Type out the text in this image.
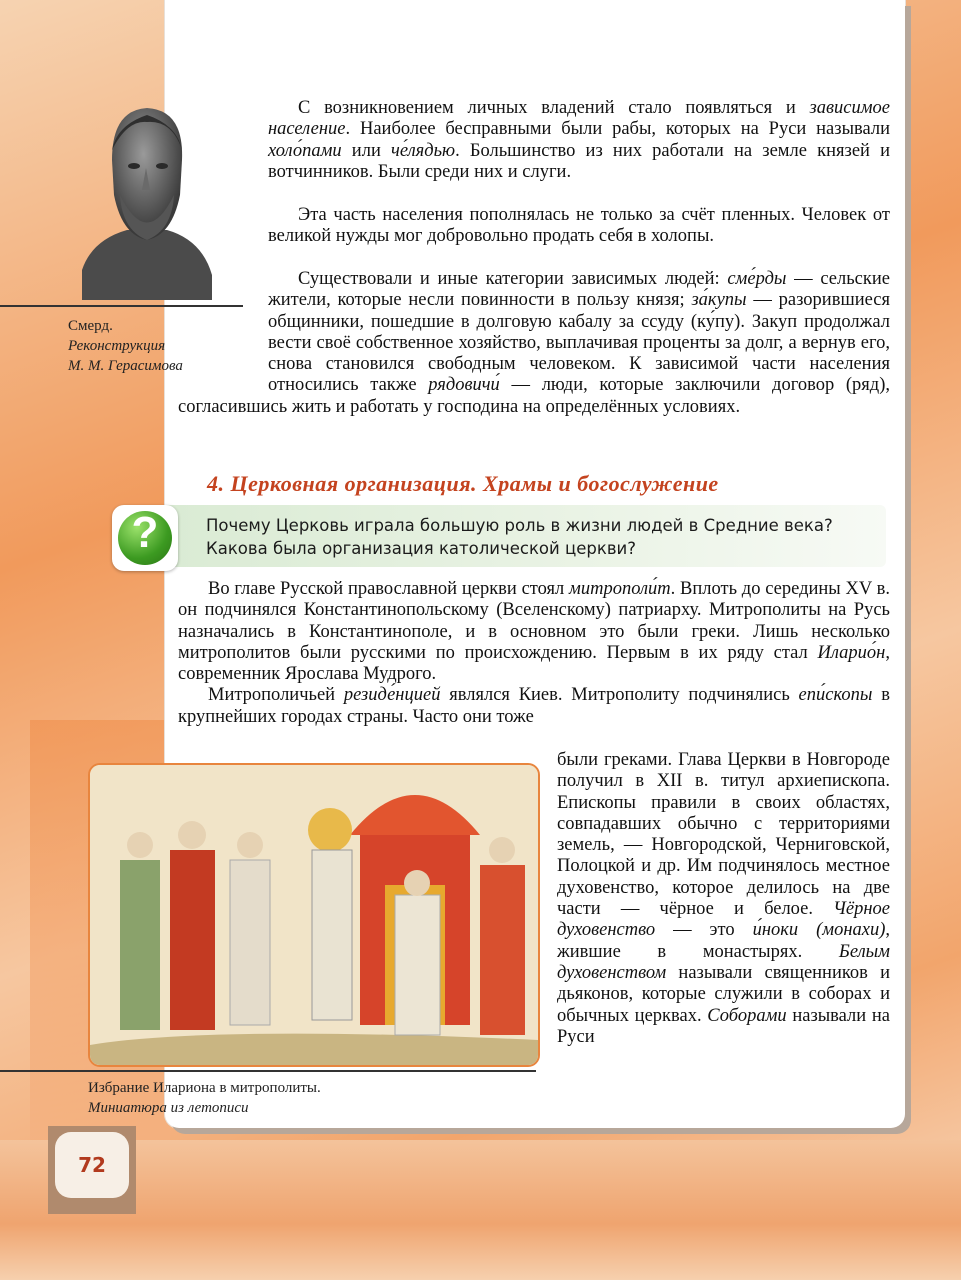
Смерд.
Реконструкция
М. М. Герасимова

С возникновением личных владений стало появляться и зависимое население. Наиболее бесправными были рабы, которых на Руси называли холо́пами или че́лядью. Большинство из них работали на земле князей и вотчинников. Были среди них и слуги.

Эта часть населения пополнялась не только за счёт пленных. Человек от великой нужды мог добровольно продать себя в холопы.

Существовали и иные категории зависимых людей: сме́рды — сельские жители, которые несли повинности в пользу князя; за́купы — разорившиеся общинники, пошедшие в долговую кабалу за ссуду (ку́пу). Закуп продолжал вести своё собственное хозяйство, выплачивая проценты за долг, а вернув его, снова становился свободным человеком. К зависимой части населения относились также рядовичи́ — люди, которые заключили договор (ряд), согласившись жить и работать у господина на определённых условиях.

4. Церковная организация. Храмы и богослужение
?	Почему Церковь играла большую роль в жизни людей в Средние века? Какова была организация католической церкви?

Во главе Русской православной церкви стоял митрополи́т. Вплоть до середины XV в. он подчинялся Константинопольскому (Вселенскому) патриарху. Митрополиты на Русь назначались в Константинополе, и в основном это были греки. Лишь несколько митрополитов были русскими по происхождению. Первым в их ряду стал Иларио́н, современник Ярослава Мудрого.

Митрополичьей резиде́нцией являлся Киев. Митрополиту подчинялись епи́скопы в крупнейших городах страны. Часто они тоже

были греками. Глава Церкви в Новгороде получил в XII в. титул архиепископа. Епископы правили в своих областях, совпадавших обычно с территориями земель, — Новгородской, Черниговской, Полоцкой и др. Им подчинялось местное духовенство, которое делилось на две части — чёрное и белое. Чёрное духовенство — это и́ноки (монахи), жившие в монастырях. Белым духовенством называли священников и дьяконов, которые служили в соборах и обычных церквах. Соборами называли на Руси

Избрание Илариона в митрополиты.
Миниатюра из летописи
72
